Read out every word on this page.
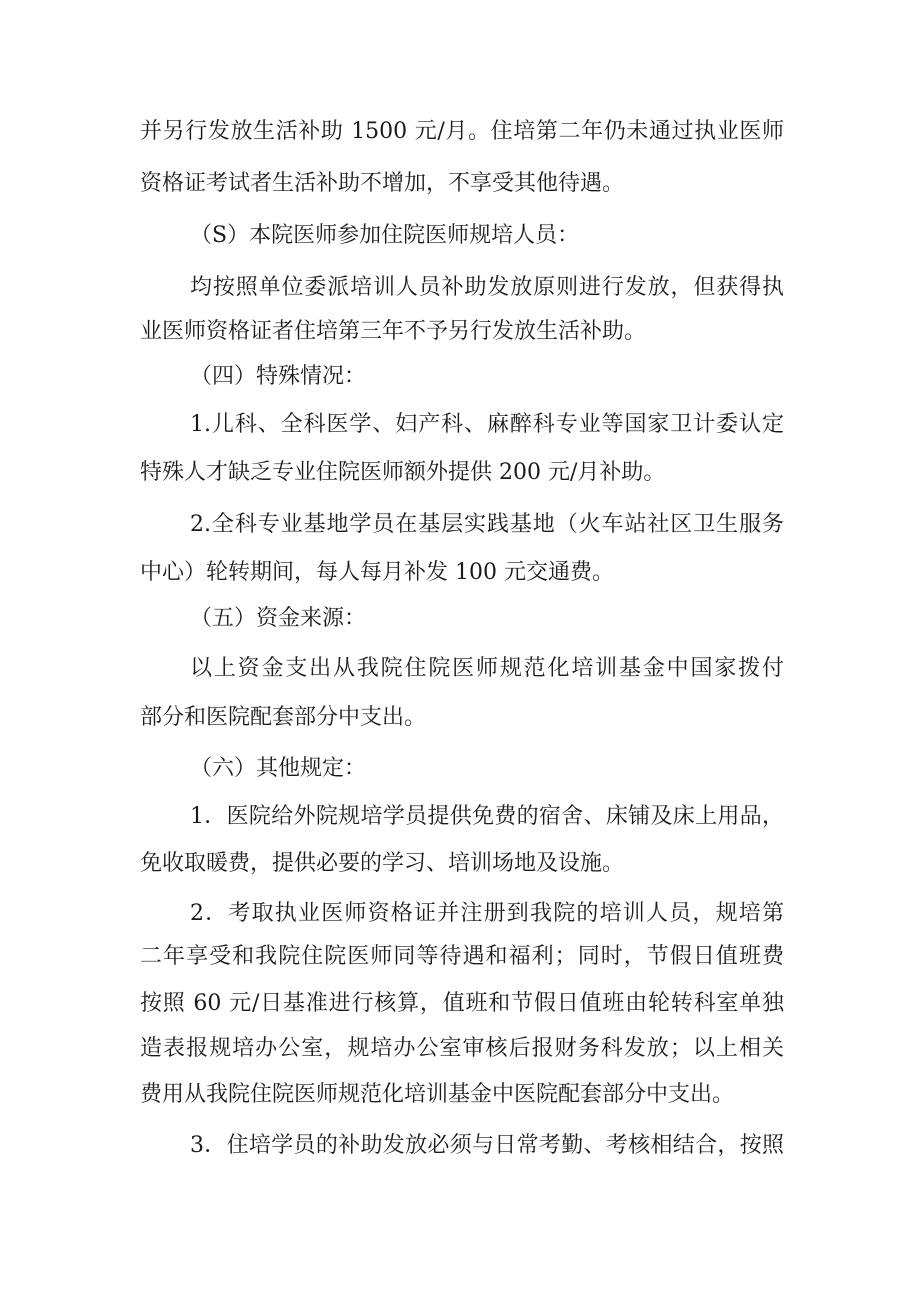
并另行发放生活补助 1500 元/月。住培第二年仍未通过执业医师
资格证考试者生活补助不增加，不享受其他待遇。
（S）本院医师参加住院医师规培人员：
均按照单位委派培训人员补助发放原则进行发放，但获得执
业医师资格证者住培第三年不予另行发放生活补助。
（四）特殊情况：
1.儿科、全科医学、妇产科、麻醉科专业等国家卫计委认定
特殊人才缺乏专业住院医师额外提供 200 元/月补助。
2.全科专业基地学员在基层实践基地（火车站社区卫生服务
中心）轮转期间，每人每月补发 100 元交通费。
（五）资金来源：
以上资金支出从我院住院医师规范化培训基金中国家拨付
部分和医院配套部分中支出。
（六）其他规定：
1．医院给外院规培学员提供免费的宿舍、床铺及床上用品，
免收取暖费，提供必要的学习、培训场地及设施。
2．考取执业医师资格证并注册到我院的培训人员，规培第
二年享受和我院住院医师同等待遇和福利；同时，节假日值班费
按照 60 元/日基准进行核算，值班和节假日值班由轮转科室单独
造表报规培办公室，规培办公室审核后报财务科发放；以上相关
费用从我院住院医师规范化培训基金中医院配套部分中支出。
3．住培学员的补助发放必须与日常考勤、考核相结合，按照
